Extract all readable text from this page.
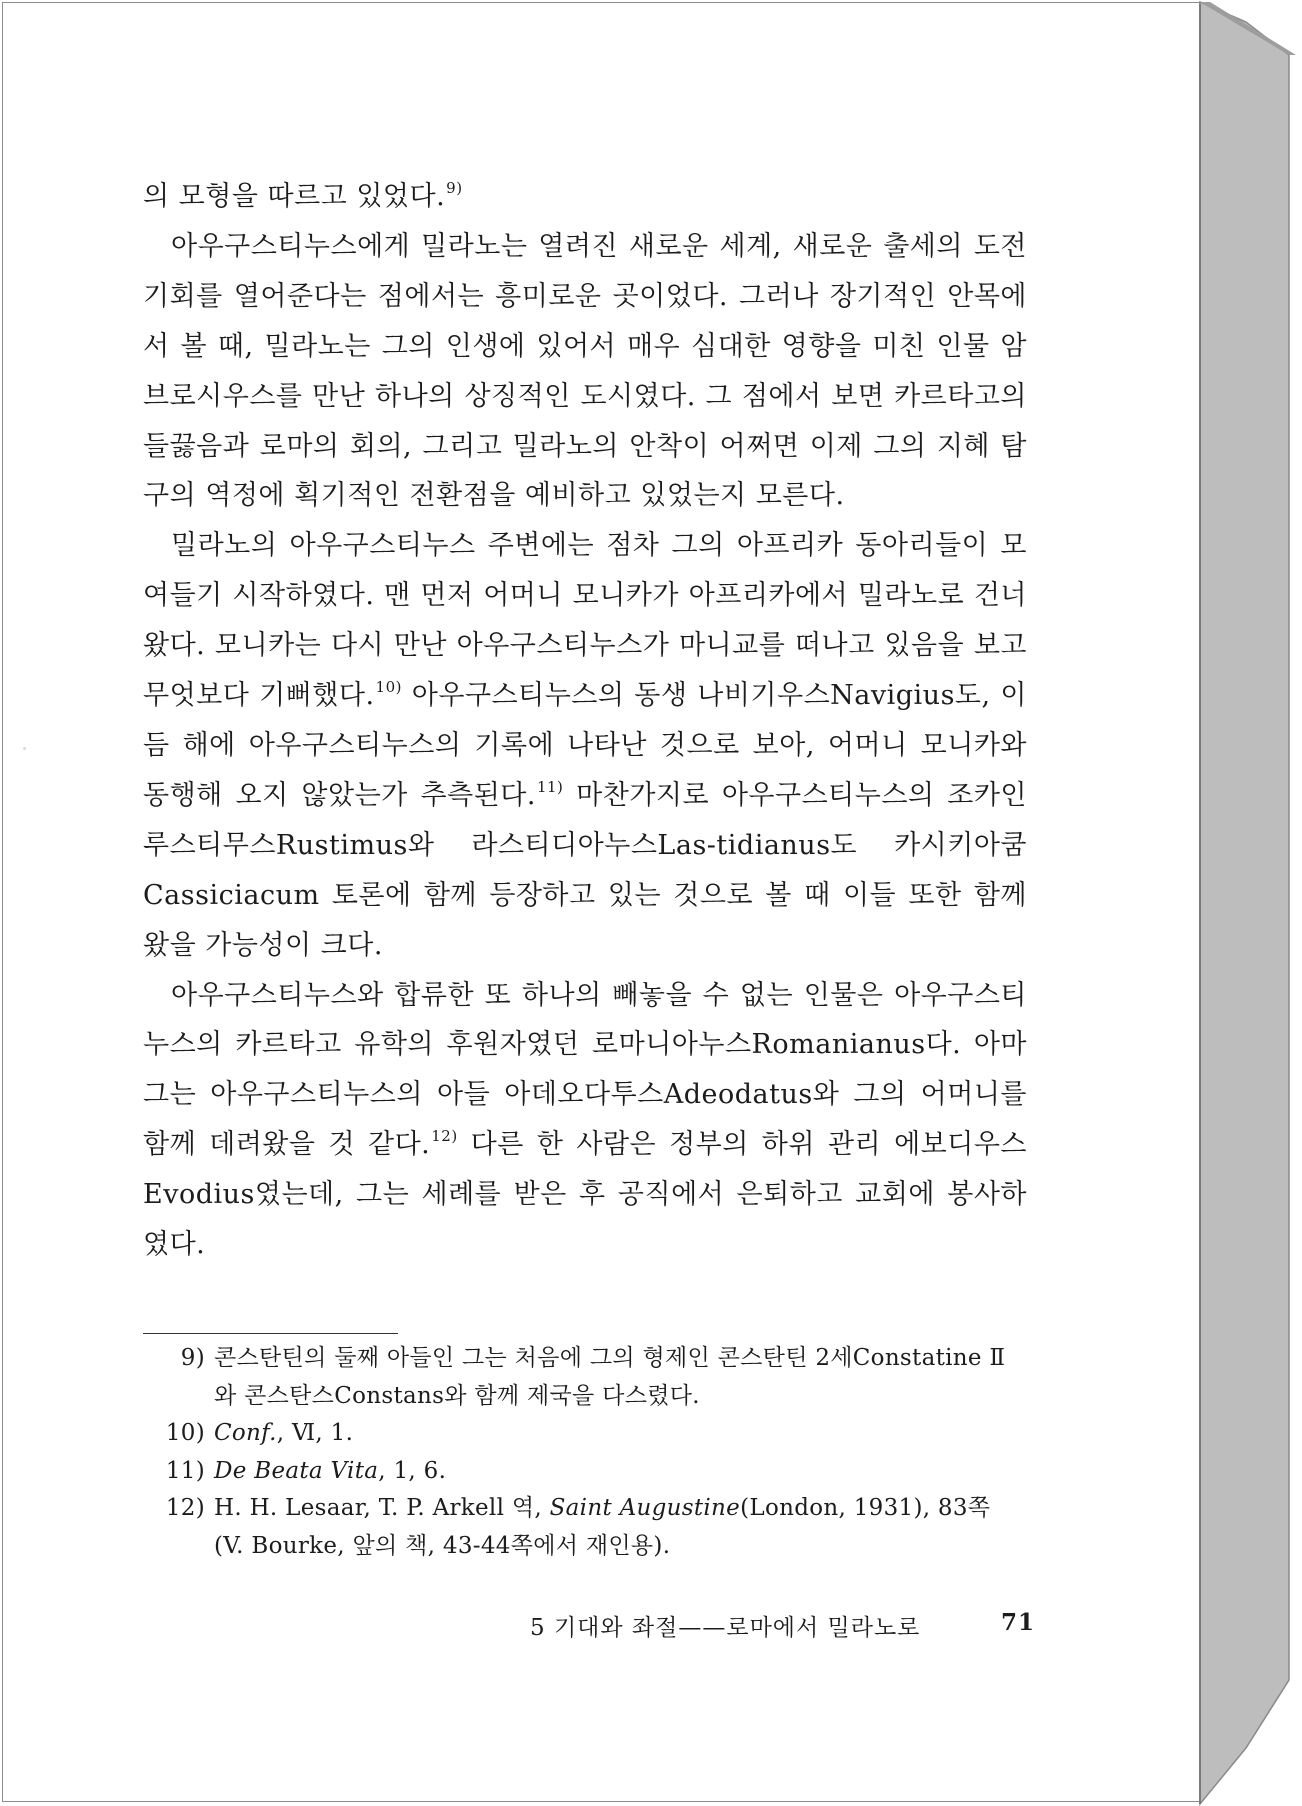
의 모형을 따르고 있었다.$^{9)}$

아우구스티누스에게 밀라노는 열려진 새로운 세계, 새로운 출세의 도전 기회를 열어준다는 점에서는 흥미로운 곳이었다. 그러나 장기적인 안목에서 볼 때, 밀라노는 그의 인생에 있어서 매우 심대한 영향을 미친 인물 암브로시우스를 만난 하나의 상징적인 도시였다. 그 점에서 보면 카르타고의 들끓음과 로마의 회의, 그리고 밀라노의 안착이 어쩌면 이제 그의 지혜 탐구의 역정에 획기적인 전환점을 예비하고 있었는지 모른다.

밀라노의 아우구스티누스 주변에는 점차 그의 아프리카 동아리들이 모여들기 시작하였다. 맨 먼저 어머니 모니카가 아프리카에서 밀라노로 건너왔다. 모니카는 다시 만난 아우구스티누스가 마니교를 떠나고 있음을 보고 무엇보다 기뻐했다.$^{10)}$ 아우구스티누스의 동생 나비기우스Navigius도, 이듬 해에 아우구스티누스의 기록에 나타난 것으로 보아, 어머니 모니카와 동행해 오지 않았는가 추측된다.$^{11)}$ 마찬가지로 아우구스티누스의 조카인 루스티무스Rustimus와 라스티디아누스Las-tidianus도 카시키아쿰Cassiciacum 토론에 함께 등장하고 있는 것으로 볼 때 이들 또한 함께 왔을 가능성이 크다.

아우구스티누스와 합류한 또 하나의 빼놓을 수 없는 인물은 아우구스티누스의 카르타고 유학의 후원자였던 로마니아누스Romanianus다. 아마 그는 아우구스티누스의 아들 아데오다투스Adeodatus와 그의 어머니를 함께 데려왔을 것 같다.$^{12)}$ 다른 한 사람은 정부의 하위 관리 에보디우스Evodius였는데, 그는 세례를 받은 후 공직에서 은퇴하고 교회에 봉사하였다.

9) 콘스탄틴의 둘째 아들인 그는 처음에 그의 형제인 콘스탄틴 2세Constatine Ⅱ와 콘스탄스Constans와 함께 제국을 다스렸다.
10) Conf., Ⅵ, 1.
11) De Beata Vita, 1, 6.
12) H. H. Lesaar, T. P. Arkell 역, Saint Augustine(London, 1931), 83쪽 (V. Bourke, 앞의 책, 43-44쪽에서 재인용).
5 기대와 좌절——로마에서 밀라노로	71
